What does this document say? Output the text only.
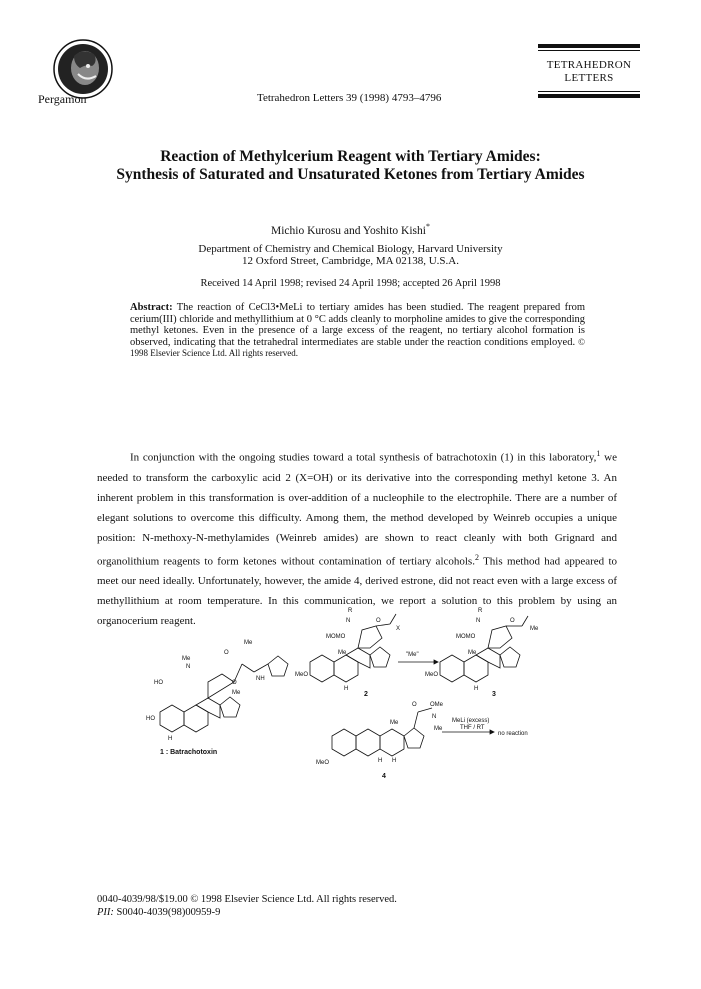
Pergamon	Tetrahedron Letters 39 (1998) 4793–4796
TETRAHEDRON
LETTERS
Reaction of Methylcerium Reagent with Tertiary Amides:
Synthesis of Saturated and Unsaturated Ketones from Tertiary Amides
Michio Kurosu and Yoshito Kishi*
Department of Chemistry and Chemical Biology, Harvard University
12 Oxford Street, Cambridge, MA 02138, U.S.A.
Received 14 April 1998; revised 24 April 1998; accepted 26 April 1998
Abstract: The reaction of CeCl3•MeLi to tertiary amides has been studied. The reagent prepared from cerium(III) chloride and methyllithium at 0 °C adds cleanly to morpholine amides to give the corresponding methyl ketones. Even in the presence of a large excess of the reagent, no tertiary alcohol formation is observed, indicating that the tetrahedral intermediates are stable under the reaction conditions employed. © 1998 Elsevier Science Ltd. All rights reserved.
In conjunction with the ongoing studies toward a total synthesis of batrachotoxin (1) in this laboratory,$^1$ we needed to transform the carboxylic acid 2 (X=OH) or its derivative into the corresponding methyl ketone 3. An inherent problem in this transformation is over-addition of a nucleophile to the electrophile. There are a number of elegant solutions to overcome this difficulty. Among them, the method developed by Weinreb occupies a unique position: N-methoxy-N-methylamides (Weinreb amides) are shown to react cleanly with both Grignard and organolithium reagents to form ketones without contamination of tertiary alcohols.$^2$ This method had appeared to meet our need ideally. Unfortunately, however, the amide 4, derived estrone, did not react even with a large excess of methyllithium at room temperature. In this communication, we report a solution to this problem by using an organocerium reagent.
Me
Me
N
O
O
NH
Me
HO
HO
H
1 : Batrachotoxin
R
N	O
X
MOMO
Me
MeO
H
2
"Me"
R
N	O
Me
MOMO
Me
MeO
H
3
O OMe
N
Me
Me
MeO	H H
4
MeLi (excess)
THF / RT
no reaction
0040-4039/98/$19.00 © 1998 Elsevier Science Ltd. All rights reserved.
PII: S0040-4039(98)00959-9
